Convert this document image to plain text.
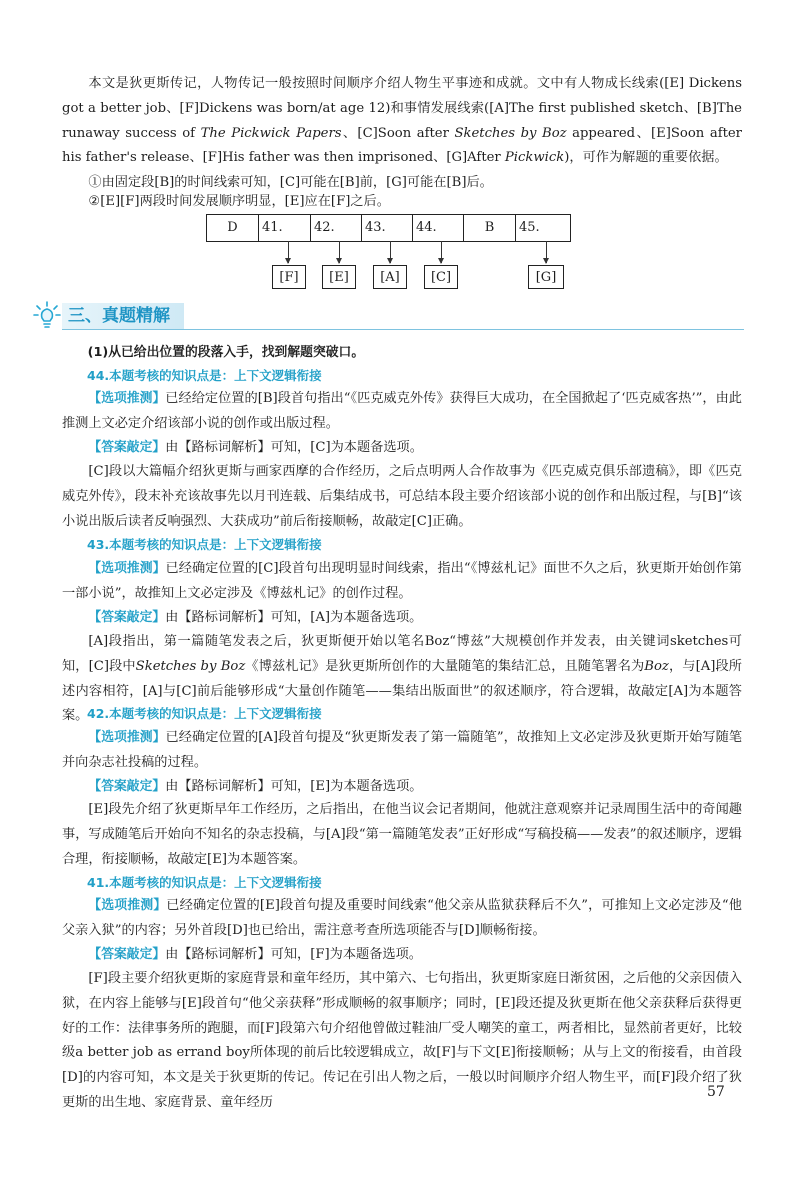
本文是狄更斯传记，人物传记一般按照时间顺序介绍人物生平事迹和成就。文中有人物成长线索([E] Dickens got a better job、[F]Dickens was born/at age 12)和事情发展线索([A]The first published sketch、[B]The runaway success of The Pickwick Papers、[C]Soon after Sketches by Boz appeared、[E]Soon after his father's release、[F]His father was then imprisoned、[G]After Pickwick)，可作为解题的重要依据。

①由固定段[B]的时间线索可知，[C]可能在[B]前，[G]可能在[B]后。

②[E][F]两段时间发展顺序明显，[E]应在[F]之后。

D	41.	42.	43.	44.	B	45.
[F]	[E]	[A]	[C]	[G]
三、真题精解

(1)从已给出位置的段落入手，找到解题突破口。

44.本题考核的知识点是：上下文逻辑衔接

【选项推测】已经给定位置的[B]段首句指出“《匹克威克外传》获得巨大成功，在全国掀起了‘匹克威客热’”，由此推测上文必定介绍该部小说的创作或出版过程。

【答案敲定】由【路标词解析】可知，[C]为本题备选项。

[C]段以大篇幅介绍狄更斯与画家西摩的合作经历，之后点明两人合作故事为《匹克威克俱乐部遗稿》，即《匹克威克外传》，段末补充该故事先以月刊连载、后集结成书，可总结本段主要介绍该部小说的创作和出版过程，与[B]“该小说出版后读者反响强烈、大获成功”前后衔接顺畅，故敲定[C]正确。

43.本题考核的知识点是：上下文逻辑衔接

【选项推测】已经确定位置的[C]段首句出现明显时间线索，指出“《博兹札记》面世不久之后，狄更斯开始创作第一部小说”，故推知上文必定涉及《博兹札记》的创作过程。

【答案敲定】由【路标词解析】可知，[A]为本题备选项。

[A]段指出，第一篇随笔发表之后，狄更斯便开始以笔名Boz“博兹”大规模创作并发表，由关键词sketches可知，[C]段中Sketches by Boz《博兹札记》是狄更斯所创作的大量随笔的集结汇总，且随笔署名为Boz，与[A]段所述内容相符，[A]与[C]前后能够形成“大量创作随笔——集结出版面世”的叙述顺序，符合逻辑，故敲定[A]为本题答案。

42.本题考核的知识点是：上下文逻辑衔接

【选项推测】已经确定位置的[A]段首句提及“狄更斯发表了第一篇随笔”，故推知上文必定涉及狄更斯开始写随笔并向杂志社投稿的过程。

【答案敲定】由【路标词解析】可知，[E]为本题备选项。

[E]段先介绍了狄更斯早年工作经历，之后指出，在他当议会记者期间，他就注意观察并记录周围生活中的奇闻趣事，写成随笔后开始向不知名的杂志投稿，与[A]段“第一篇随笔发表”正好形成“写稿投稿——发表”的叙述顺序，逻辑合理，衔接顺畅，故敲定[E]为本题答案。

41.本题考核的知识点是：上下文逻辑衔接

【选项推测】已经确定位置的[E]段首句提及重要时间线索“他父亲从监狱获释后不久”，可推知上文必定涉及“他父亲入狱”的内容；另外首段[D]也已给出，需注意考查所选项能否与[D]顺畅衔接。

【答案敲定】由【路标词解析】可知，[F]为本题备选项。

[F]段主要介绍狄更斯的家庭背景和童年经历，其中第六、七句指出，狄更斯家庭日渐贫困，之后他的父亲因债入狱，在内容上能够与[E]段首句“他父亲获释”形成顺畅的叙事顺序；同时，[E]段还提及狄更斯在他父亲获释后获得更好的工作：法律事务所的跑腿，而[F]段第六句介绍他曾做过鞋油厂受人嘲笑的童工，两者相比，显然前者更好，比较级a better job as errand boy所体现的前后比较逻辑成立，故[F]与下文[E]衔接顺畅；从与上文的衔接看，由首段[D]的内容可知，本文是关于狄更斯的传记。传记在引出人物之后，一般以时间顺序介绍人物生平，而[F]段介绍了狄更斯的出生地、家庭背景、童年经历

57
